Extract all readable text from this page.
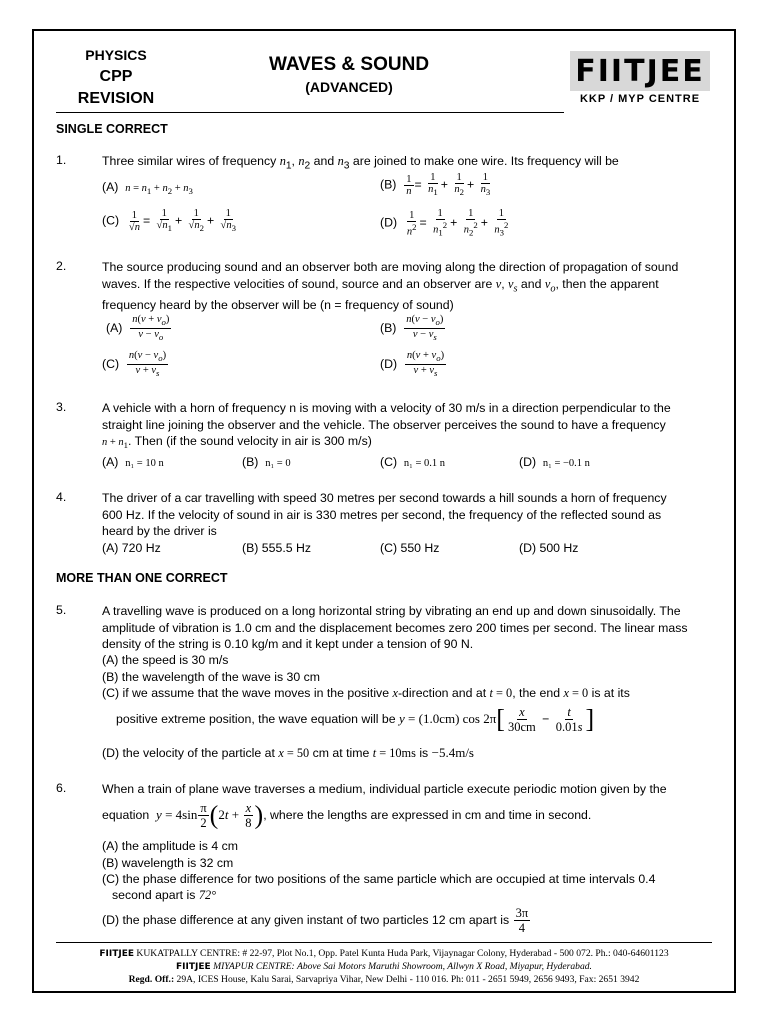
PHYSICS
CPP
REVISION
WAVES & SOUND
(ADVANCED)	FIITJEE
KKP / MYP CENTRE
SINGLE CORRECT
1.	Three similar wires of frequency $n_1$, $n_2$ and $n_3$ are joined to make one wire. Its frequency will be
(A) $n = n_1 + n_2 + n_3$	$(B) \frac{1}{n} = \frac{1}{n_1} + \frac{1}{n_2} + \frac{1}{n_3}$
$(C) \frac{1}{√n} = \frac{1}{√n_1} + \frac{1}{√n_2} + \frac{1}{√n_3}$	$(D) \frac{1}{n^2} = \frac{1}{n_1^2} + \frac{1}{n_2^2} + \frac{1}{n_3^2}$
2.	The source producing sound and an observer both are moving along the direction of propagation of sound
waves. If the respective velocities of sound, source and an observer are v, $v_s$ and $v_o$, then the apparent
frequency heard by the observer will be (n = frequency of sound)
$(A) \frac{n(v + v_o)}{v - v_o}$	$(B) \frac{n(v - v_o)}{v - v_s}$
$(C) \frac{n(v - v_o)}{v + v_s}$	$(D) \frac{n(v + v_o)}{v + v_s}$
3.	A vehicle with a horn of frequency n is moving with a velocity of 30 m/s in a direction perpendicular to the
straight line joining the observer and the vehicle. The observer perceives the sound to have a frequency
$n + n_1$. Then (if the sound velocity in air is 300 m/s)
(A) n₁ = 10 n	(B) n₁ = 0	(C) n₁ = 0.1 n	(D) n₁ = −0.1 n
4.	The driver of a car travelling with speed 30 metres per second towards a hill sounds a horn of frequency
600 Hz. If the velocity of sound in air is 330 metres per second, the frequency of the reflected sound as
heard by the driver is
(A) 720 Hz	(B) 555.5 Hz	(C) 550 Hz	(D) 500 Hz
MORE THAN ONE CORRECT
5.	A travelling wave is produced on a long horizontal string by vibrating an end up and down sinusoidally. The
amplitude of vibration is 1.0 cm and the displacement becomes zero 200 times per second. The linear mass
density of the string is 0.10 kg/m and it kept under a tension of 90 N.
(A) the speed is 30 m/s
(B) the wavelength of the wave is 30 cm
(C) if we assume that the wave moves in the positive x-direction and at t = 0, the end x = 0 is at its
positive extreme position, the wave equation will be y = (1.0cm) $\cos 2\pi[ \frac{x}{30cm} - \frac{t}{0.01s}$ ]
(D) the velocity of the particle at x = 50 cm at time t = 10ms is −5.4m/s
6.	When a train of plane wave traverses a medium, individual particle execute periodic motion given by the
equation $y = 4\sin \frac{\pi}{2} (2t + \frac{x}{8}$ ), where the lengths are expressed in cm and time in second.
(A) the amplitude is 4 cm
(B) wavelength is 32 cm
(C) the phase difference for two positions of the same particle which are occupied at time intervals 0.4
second apart is 72°
(D) the phase difference at any given instant of two particles 12 cm apart is $\frac{3\pi}{4}$
FIITJEE KUKATPALLY CENTRE: # 22-97, Plot No.1, Opp. Patel Kunta Huda Park, Vijaynagar Colony, Hyderabad - 500 072. Ph.: 040-64601123
FIITJEE MIYAPUR CENTRE: Above Sai Motors Maruthi Showroom, Allwyn X Road, Miyapur, Hyderabad.
Regd. Off.: 29A, ICES House, Kalu Sarai, Sarvapriya Vihar, New Delhi - 110 016. Ph: 011 - 2651 5949, 2656 9493, Fax: 2651 3942
